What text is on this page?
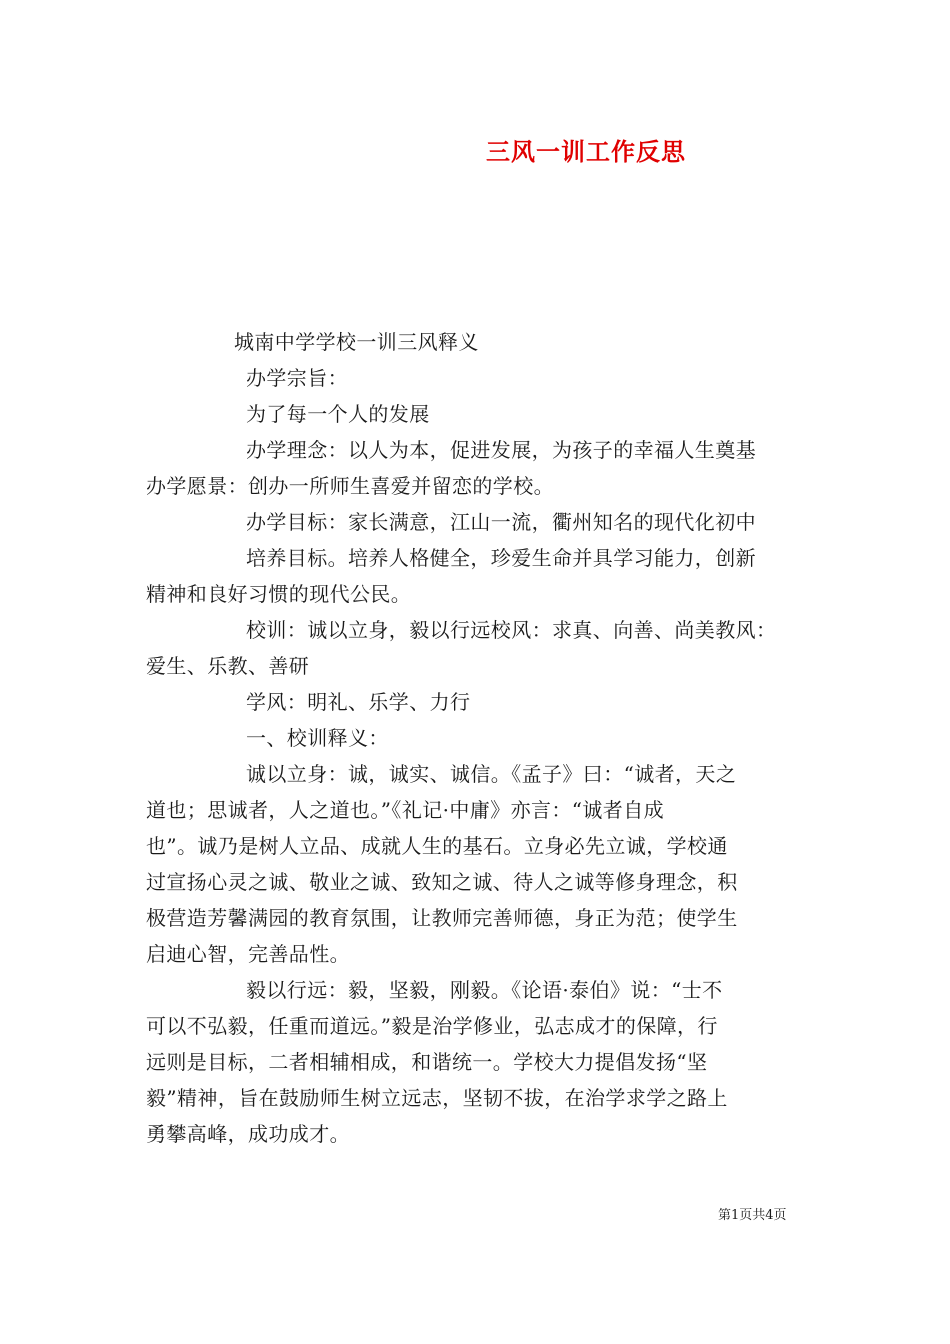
三风一训工作反思
城南中学学校一训三风释义
办学宗旨：
为了每一个人的发展
办学理念：以人为本，促进发展，为孩子的幸福人生奠基
办学愿景：创办一所师生喜爱并留恋的学校。
办学目标：家长满意，江山一流，衢州知名的现代化初中
培养目标。培养人格健全，珍爱生命并具学习能力，创新
精神和良好习惯的现代公民。
校训：诚以立身，毅以行远校风：求真、向善、尚美教风：
爱生、乐教、善研
学风：明礼、乐学、力行
一、校训释义：
诚以立身：诚，诚实、诚信。《孟子》曰：“诚者，天之
道也；思诚者，人之道也。”《礼记·中庸》亦言：“诚者自成
也”。诚乃是树人立品、成就人生的基石。立身必先立诚，学校通
过宣扬心灵之诚、敬业之诚、致知之诚、待人之诚等修身理念，积
极营造芳馨满园的教育氛围，让教师完善师德，身正为范；使学生
启迪心智，完善品性。
毅以行远：毅，坚毅，刚毅。《论语·泰伯》说：“士不
可以不弘毅，任重而道远。”毅是治学修业，弘志成才的保障，行
远则是目标，二者相辅相成，和谐统一。学校大力提倡发扬“坚
毅”精神，旨在鼓励师生树立远志，坚韧不拔，在治学求学之路上
勇攀高峰，成功成才。
第1页共4页
